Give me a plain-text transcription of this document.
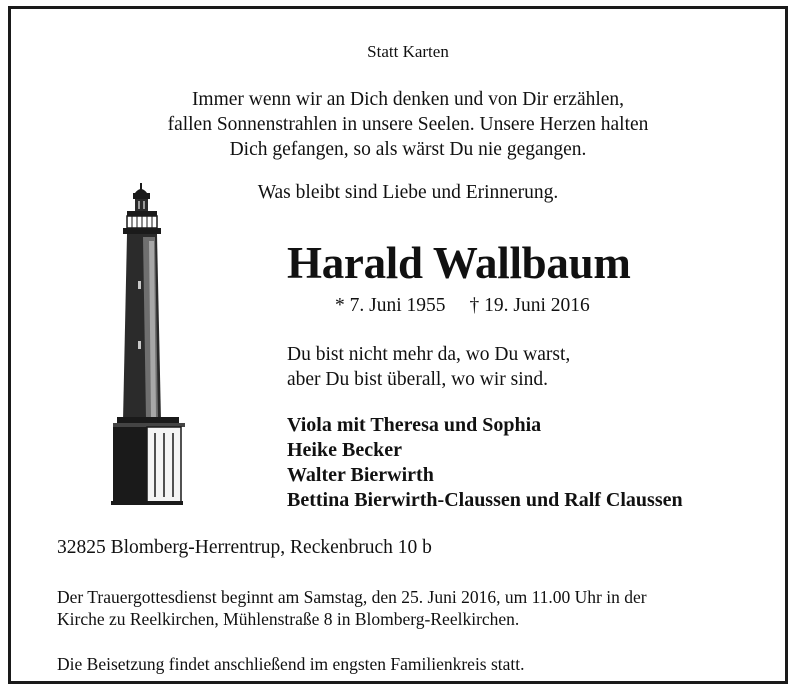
Statt Karten
Immer wenn wir an Dich denken und von Dir erzählen,
fallen Sonnenstrahlen in unsere Seelen. Unsere Herzen halten
Dich gefangen, so als wärst Du nie gegangen.
Was bleibt sind Liebe und Erinnerung.
Harald Wallbaum
* 7. Juni 1955 † 19. Juni 2016
Du bist nicht mehr da, wo Du warst,
aber Du bist überall, wo wir sind.
Viola mit Theresa und Sophia
Heike Becker
Walter Bierwirth
Bettina Bierwirth-Claussen und Ralf Claussen
32825 Blomberg-Herrentrup, Reckenbruch 10 b
Der Trauergottesdienst beginnt am Samstag, den 25. Juni 2016, um 11.00 Uhr in der
Kirche zu Reelkirchen, Mühlenstraße 8 in Blomberg-Reelkirchen.
Die Beisetzung findet anschließend im engsten Familienkreis statt.
